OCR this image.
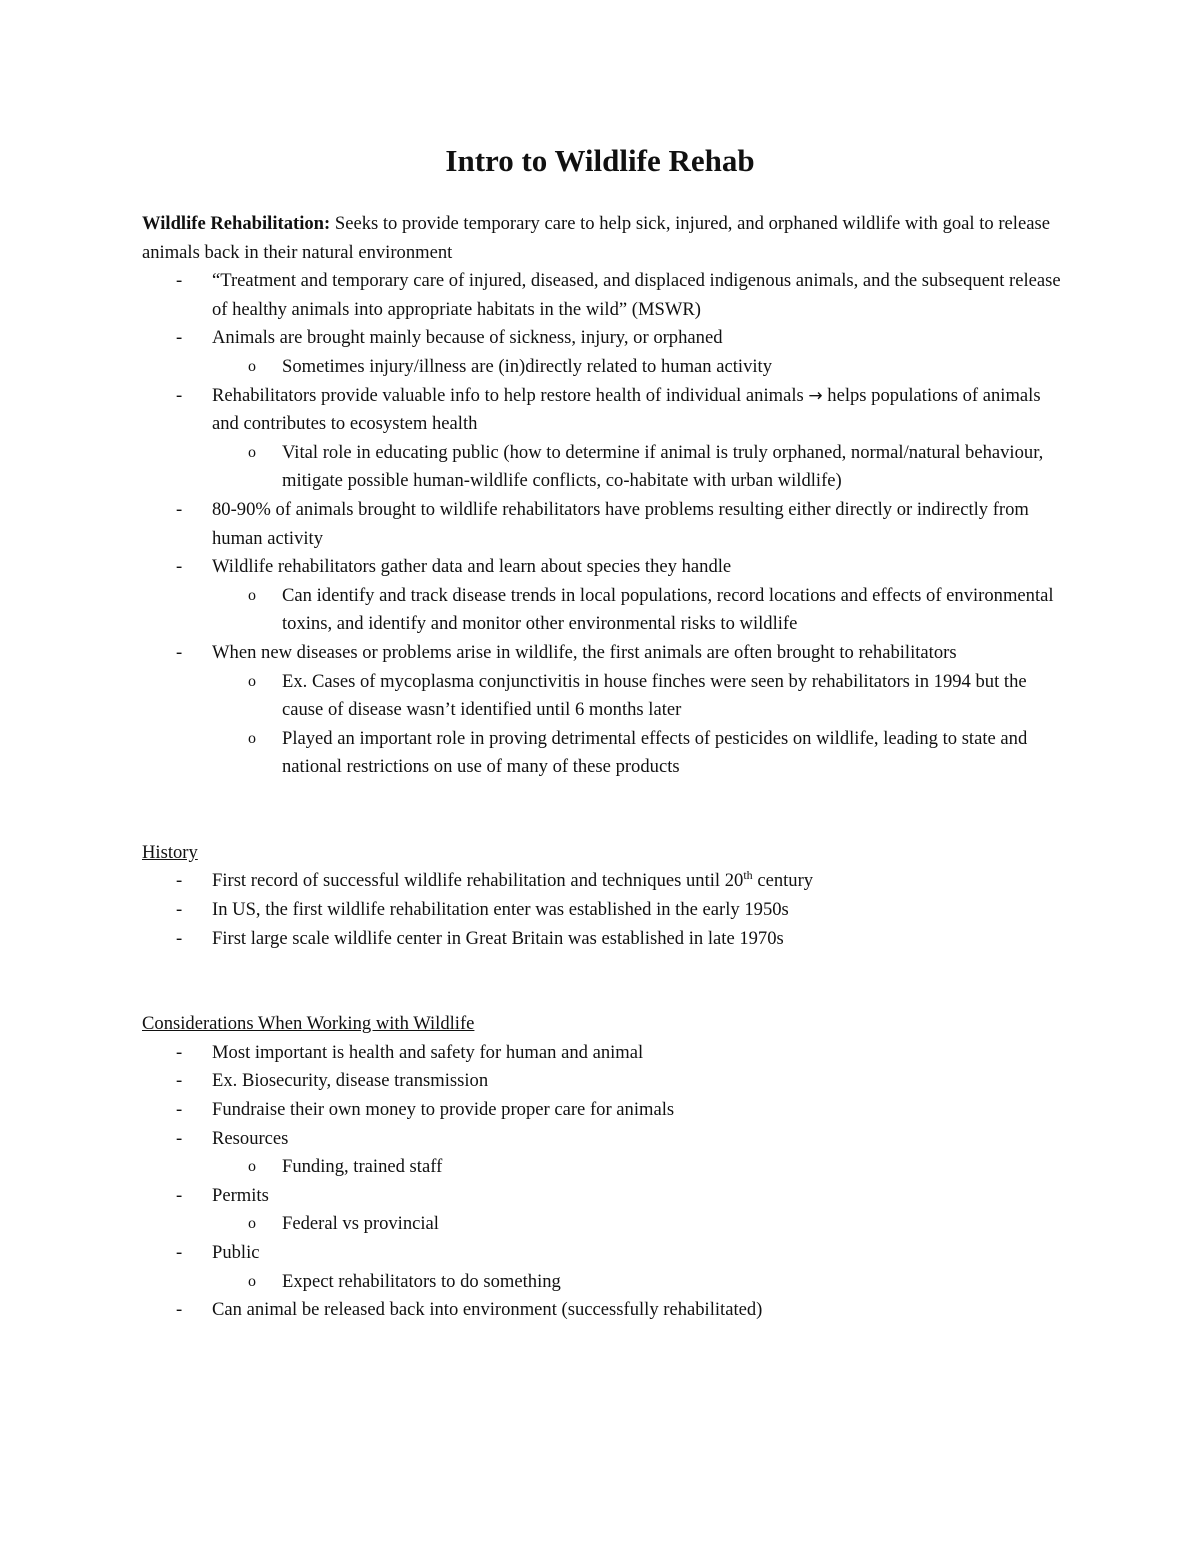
Intro to Wildlife Rehab

Wildlife Rehabilitation: Seeks to provide temporary care to help sick, injured, and orphaned wildlife with goal to release animals back in their natural environment

- “Treatment and temporary care of injured, diseased, and displaced indigenous animals, and the subsequent release of healthy animals into appropriate habitats in the wild” (MSWR)
- Animals are brought mainly because of sickness, injury, or orphaned
o Sometimes injury/illness are (in)directly related to human activity
- Rehabilitators provide valuable info to help restore health of individual animals → helps populations of animals and contributes to ecosystem health
o Vital role in educating public (how to determine if animal is truly orphaned, normal/natural behaviour, mitigate possible human-wildlife conflicts, co-habitate with urban wildlife)
- 80-90% of animals brought to wildlife rehabilitators have problems resulting either directly or indirectly from human activity
- Wildlife rehabilitators gather data and learn about species they handle
o Can identify and track disease trends in local populations, record locations and effects of environmental toxins, and identify and monitor other environmental risks to wildlife
- When new diseases or problems arise in wildlife, the first animals are often brought to rehabilitators
o Ex. Cases of mycoplasma conjunctivitis in house finches were seen by rehabilitators in 1994 but the cause of disease wasn’t identified until 6 months later
o Played an important role in proving detrimental effects of pesticides on wildlife, leading to state and national restrictions on use of many of these products

History

- First record of successful wildlife rehabilitation and techniques until 20th century
- In US, the first wildlife rehabilitation enter was established in the early 1950s
- First large scale wildlife center in Great Britain was established in late 1970s

Considerations When Working with Wildlife

- Most important is health and safety for human and animal
- Ex. Biosecurity, disease transmission
- Fundraise their own money to provide proper care for animals
- Resources
o Funding, trained staff
- Permits
o Federal vs provincial
- Public
o Expect rehabilitators to do something
- Can animal be released back into environment (successfully rehabilitated)
